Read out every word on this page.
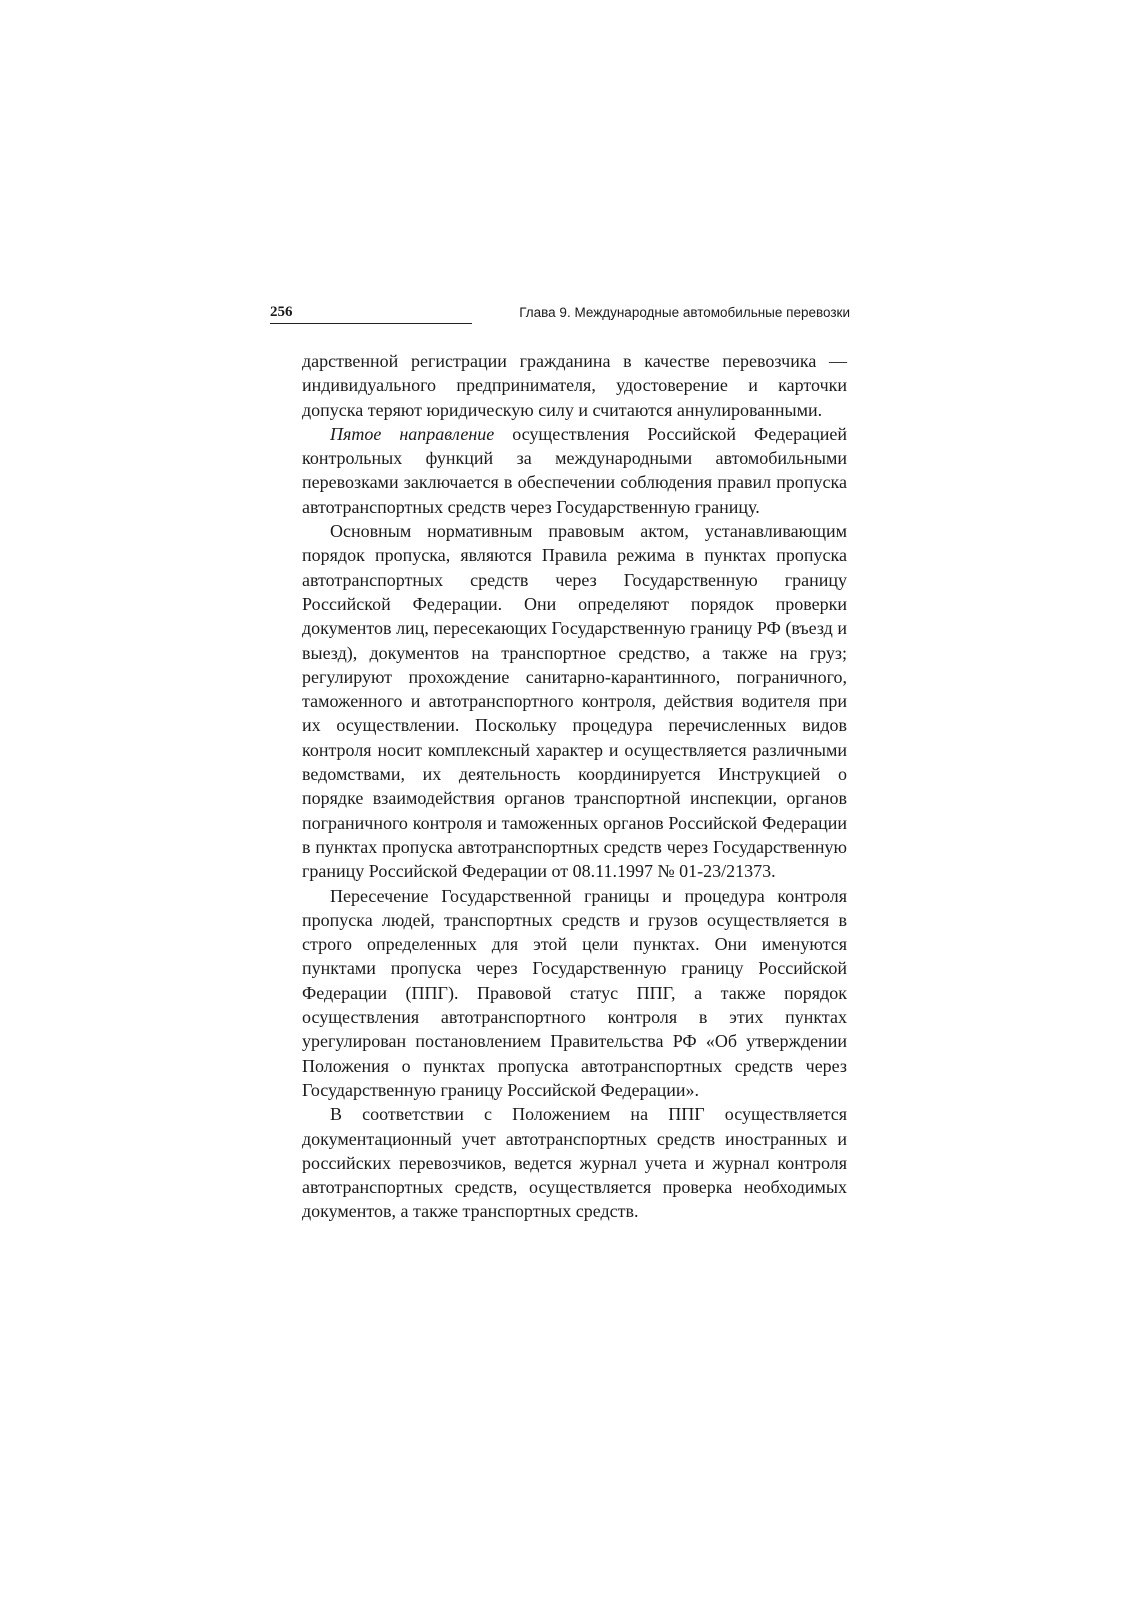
256	Глава 9. Международные автомобильные перевозки

дарственной регистрации гражданина в качестве перевозчика — индивидуального предпринимателя, удостоверение и карточки допуска теряют юридическую силу и считаются аннулированными.

Пятое направление осуществления Российской Федерацией контрольных функций за международными автомобильными перевозками заключается в обеспечении соблюдения правил пропуска автотранспортных средств через Государственную границу.

Основным нормативным правовым актом, устанавливающим порядок пропуска, являются Правила режима в пунктах пропуска автотранспортных средств через Государственную границу Российской Федерации. Они определяют порядок проверки документов лиц, пересекающих Государственную границу РФ (въезд и выезд), документов на транспортное средство, а также на груз; регулируют прохождение санитарно-карантинного, пограничного, таможенного и автотранспортного контроля, действия водителя при их осуществлении. Поскольку процедура перечисленных видов контроля носит комплексный характер и осуществляется различными ведомствами, их деятельность координируется Инструкцией о порядке взаимодействия органов транспортной инспекции, органов пограничного контроля и таможенных органов Российской Федерации в пунктах пропуска автотранспортных средств через Государственную границу Российской Федерации от 08.11.1997 № 01-23/21373.

Пересечение Государственной границы и процедура контроля пропуска людей, транспортных средств и грузов осуществляется в строго определенных для этой цели пунктах. Они именуются пунктами пропуска через Государственную границу Российской Федерации (ППГ). Правовой статус ППГ, а также порядок осуществления автотранспортного контроля в этих пунктах урегулирован постановлением Правительства РФ «Об утверждении Положения о пунктах пропуска автотранспортных средств через Государственную границу Российской Федерации».

В соответствии с Положением на ППГ осуществляется документационный учет автотранспортных средств иностранных и российских перевозчиков, ведется журнал учета и журнал контроля автотранспортных средств, осуществляется проверка необходимых документов, а также транспортных средств.
